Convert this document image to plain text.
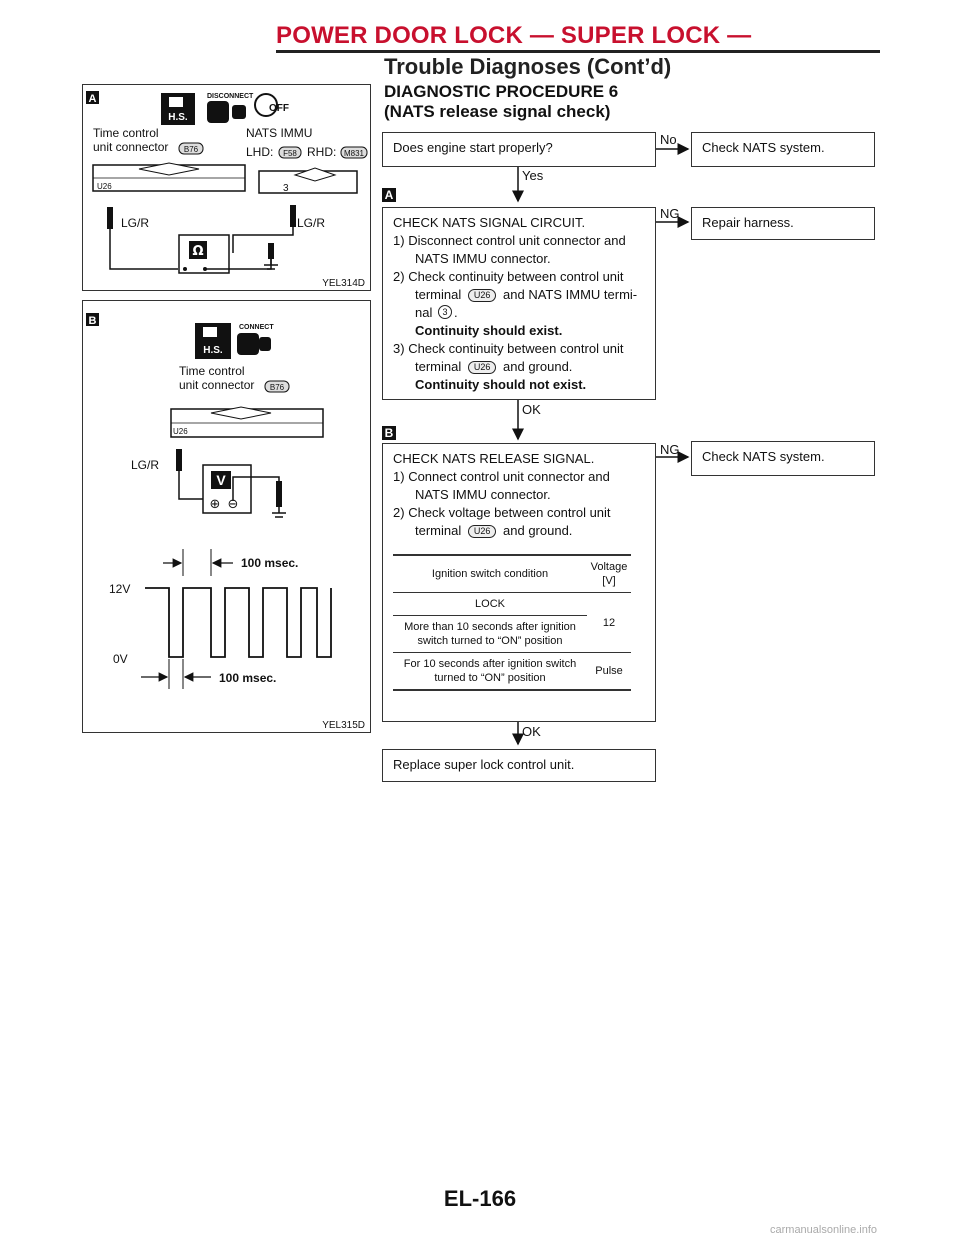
POWER DOOR LOCK — SUPER LOCK —
Trouble Diagnoses (Cont’d)
DIAGNOSTIC PROCEDURE 6
(NATS release signal check)
Does engine start properly?
No
Yes
Check NATS system.
A
CHECK NATS SIGNAL CIRCUIT.
1) Disconnect control unit connector and NATS IMMU connector.
2) Check continuity between control unit terminal U26 and NATS IMMU termi-nal 3 .
Continuity should exist.
3) Check continuity between control unit terminal U26 and ground.
Continuity should not exist.
NG
OK
Repair harness.
B
CHECK NATS RELEASE SIGNAL.
1) Connect control unit connector and NATS IMMU connector.
2) Check voltage between control unit terminal U26 and ground.
Ignition switch condition	Voltage [V]
LOCK	12
More than 10 seconds after ignition switch turned to “ON” position	
For 10 seconds after ignition switch turned to “ON” position	Pulse
NG
OK
Check NATS system.
Replace super lock control unit.
A
H.S.
DISCONNECT
OFF
Time control
unit connector B76
NATS IMMU
LHD: F58 RHD: M831
U26	3
LG/R	LG/R
Ω
YEL314D
B
H.S.
CONNECT
Time control
unit connector B76
U26
LG/R
V
⊕ ⊖
100 msec.
12V
0V
100 msec.
YEL315D
EL-166
carmanualsonline.info
